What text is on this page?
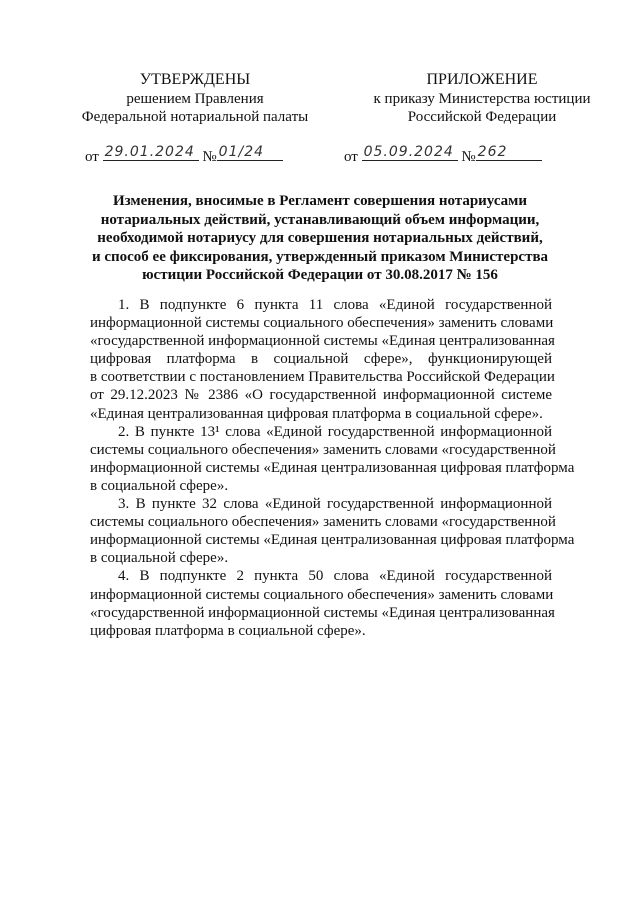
УТВЕРЖДЕНЫ
решением Правления
Федеральной нотариальной палаты
ПРИЛОЖЕНИЕ
к приказу Министерства юстиции
Российской Федерации
от 29.01.2024 № 01/24	от 05.09.2024 № 262
Изменения, вносимые в Регламент совершения нотариусами
нотариальных действий, устанавливающий объем информации,
необходимой нотариусу для совершения нотариальных действий,
и способ ее фиксирования, утвержденный приказом Министерства
юстиции Российской Федерации от 30.08.2017 № 156
1. В подпункте 6 пункта 11 слова «Единой государственной
информационной системы социального обеспечения» заменить словами
«государственной информационной системы «Единая централизованная
цифровая платформа в социальной сфере», функционирующей
в соответствии с постановлением Правительства Российской Федерации
от 29.12.2023 № 2386 «О государственной информационной системе
«Единая централизованная цифровая платформа в социальной сфере».
2. В пункте 13¹ слова «Единой государственной информационной
системы социального обеспечения» заменить словами «государственной
информационной системы «Единая централизованная цифровая платформа
в социальной сфере».
3. В пункте 32 слова «Единой государственной информационной
системы социального обеспечения» заменить словами «государственной
информационной системы «Единая централизованная цифровая платформа
в социальной сфере».
4. В подпункте 2 пункта 50 слова «Единой государственной
информационной системы социального обеспечения» заменить словами
«государственной информационной системы «Единая централизованная
цифровая платформа в социальной сфере».
